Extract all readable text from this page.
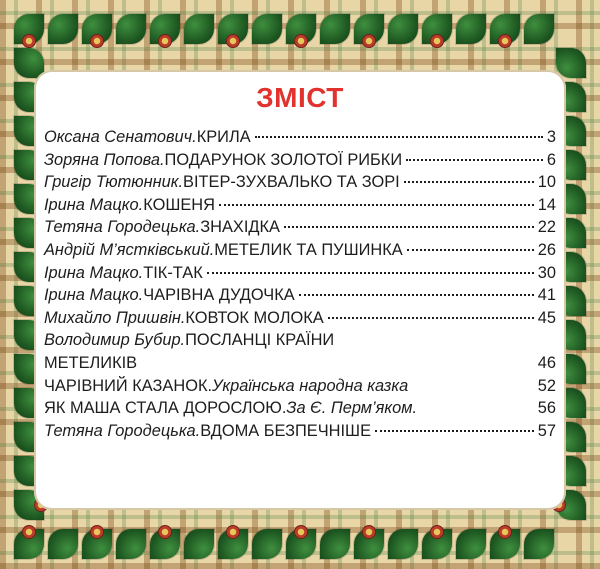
ЗМІСТ
Оксана Сенатович. КРИЛА	3
Зоряна Попова. ПОДАРУНОК ЗОЛОТОЇ РИБКИ	6
Григір Тютюнник. ВІТЕР-ЗУХВАЛЬКО ТА ЗОРІ	10
Ірина Мацко. КОШЕНЯ	14
Тетяна Городецька. ЗНАХІДКА	22
Андрій М’ястківський. МЕТЕЛИК ТА ПУШИНКА	26
Ірина Мацко. ТІК-ТАК	30
Ірина Мацко. ЧАРІВНА ДУДОЧКА	41
Михайло Пришвін. КОВТОК МОЛОКА	45
Володимир Бубир. ПОСЛАНЦІ КРАЇНИ
МЕТЕЛИКІВ	46
ЧАРІВНИЙ КАЗАНОК. Українська народна казка	52
ЯК МАША СТАЛА ДОРОСЛОЮ. За Є. Перм’яком.	56
Тетяна Городецька. ВДОМА БЕЗПЕЧНІШЕ	57
